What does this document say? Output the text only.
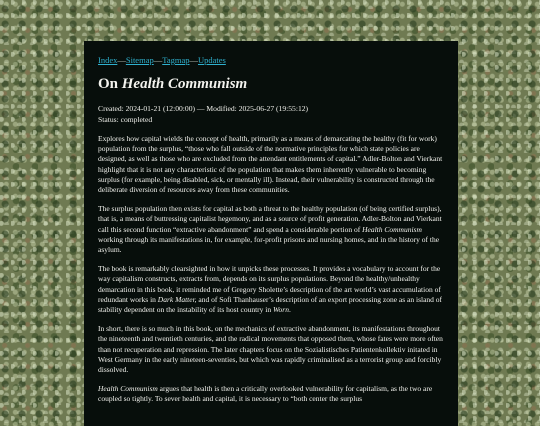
Index—Sitemap—Tagmap—Updates
On Health Communism
Created: 2024-01-21 (12:00:00) — Modified: 2025-06-27 (19:55:12)
Status: completed

Explores how capital wields the concept of health, primarily as a means of demarcating the healthy (fit for work) population from the surplus, “those who fall outside of the normative principles for which state policies are designed, as well as those who are excluded from the attendant entitlements of capital.” Adler-Bolton and Vierkant highlight that it is not any characteristic of the population that makes them inherently vulnerable to becoming surplus (for example, being disabled, sick, or mentally ill). Instead, their vulnerability is constructed through the deliberate diversion of resources away from these communities.

The surplus population then exists for capital as both a threat to the healthy population (of being certified surplus), that is, a means of buttressing capitalist hegemony, and as a source of profit generation. Adler-Bolton and Vierkant call this second function “extractive abandonment” and spend a considerable portion of Health Communism working through its manifestations in, for example, for-profit prisons and nursing homes, and in the history of the asylum.

The book is remarkably clearsighted in how it unpicks these processes. It provides a vocabulary to account for the way capitalism constructs, extracts from, depends on its surplus populations. Beyond the healthy/unhealthy demarcation in this book, it reminded me of Gregory Sholette’s description of the art world’s vast accumulation of redundant works in Dark Matter, and of Sofi Thanhauser’s description of an export processing zone as an island of stability dependent on the instability of its host country in Worn.

In short, there is so much in this book, on the mechanics of extractive abandonment, its manifestations throughout the nineteenth and twentieth centuries, and the radical movements that opposed them, whose fates were more often than not recuperation and repression. The later chapters focus on the Sozialistisches Patientenkollektiv initated in West Germany in the early nineteen-seventies, but which was rapidly criminalised as a terrorist group and forcibly dissolved.

Health Communism argues that health is then a critically overlooked vulnerability for capitalism, as the two are coupled so tightly. To sever health and capital, it is necessary to “both center the surplus
